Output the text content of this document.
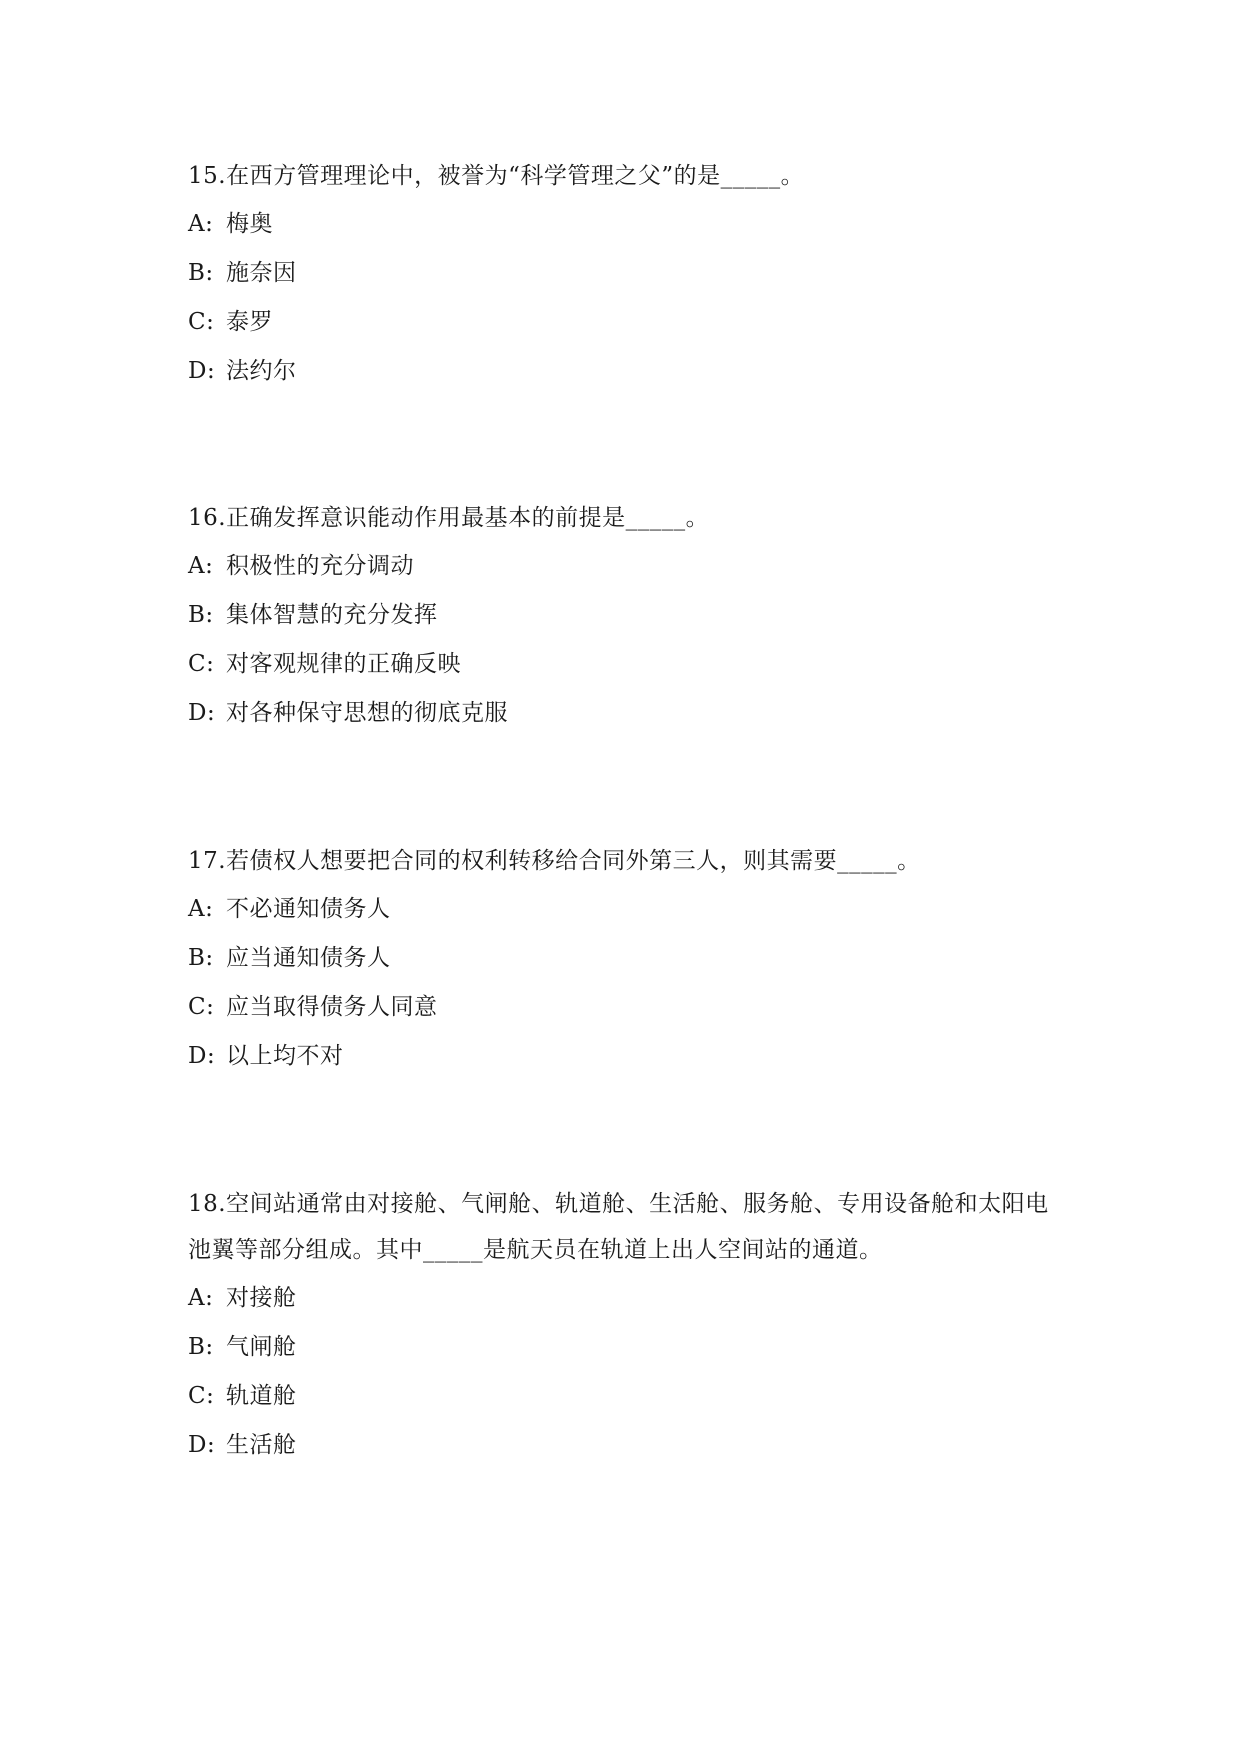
15.在西方管理理论中，被誉为“科学管理之父”的是_____。
A: 梅奥
B: 施奈因
C: 泰罗
D: 法约尔
16.正确发挥意识能动作用最基本的前提是_____。
A: 积极性的充分调动
B: 集体智慧的充分发挥
C: 对客观规律的正确反映
D: 对各种保守思想的彻底克服
17.若债权人想要把合同的权利转移给合同外第三人，则其需要_____。
A: 不必通知债务人
B: 应当通知债务人
C: 应当取得债务人同意
D: 以上均不对
18.空间站通常由对接舱、气闸舱、轨道舱、生活舱、服务舱、专用设备舱和太阳电池翼等部分组成。其中_____是航天员在轨道上出人空间站的通道。
A: 对接舱
B: 气闸舱
C: 轨道舱
D: 生活舱
